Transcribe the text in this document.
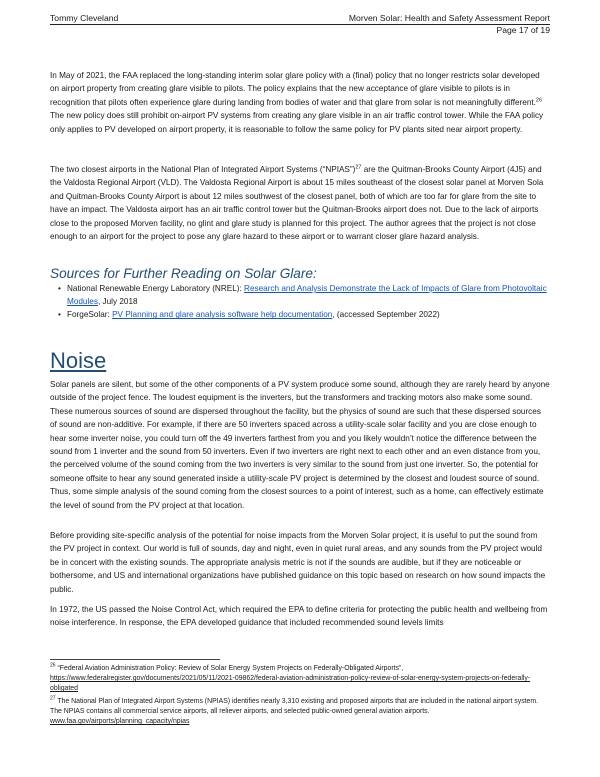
Tommy Cleveland	Morven Solar: Health and Safety Assessment Report
Page 17 of 19

In May of 2021, the FAA replaced the long-standing interim solar glare policy with a (final) policy that no longer restricts solar developed on airport property from creating glare visible to pilots. The policy explains that the new acceptance of glare visible to pilots is in recognition that pilots often experience glare during landing from bodies of water and that glare from solar is not meaningfully different.$^{26}$ The new policy does still prohibit on-airport PV systems from creating any glare visible in an air traffic control tower. While the FAA policy only applies to PV developed on airport property, it is reasonable to follow the same policy for PV plants sited near airport property.

The two closest airports in the National Plan of Integrated Airport Systems (“NPIAS”)$^{27}$ are the Quitman-Brooks County Airport (4J5) and the Valdosta Regional Airport (VLD). The Valdosta Regional Airport is about 15 miles southeast of the closest solar panel at Morven Sola and Quitman-Brooks County Airport is about 12 miles southwest of the closest panel, both of which are too far for glare from the site to have an impact. The Valdosta airport has an air traffic control tower but the Quitman-Brooks airport does not. Due to the lack of airports close to the proposed Morven facility, no glint and glare study is planned for this project. The author agrees that the project is not close enough to an airport for the project to pose any glare hazard to these airport or to warrant closer glare hazard analysis.

Sources for Further Reading on Solar Glare:
• National Renewable Energy Laboratory (NREL): Research and Analysis Demonstrate the Lack of Impacts of Glare from Photovoltaic Modules, July 2018
• ForgeSolar: PV Planning and glare analysis software help documentation, (accessed September 2022)
Noise

Solar panels are silent, but some of the other components of a PV system produce some sound, although they are rarely heard by anyone outside of the project fence. The loudest equipment is the inverters, but the transformers and tracking motors also make some sound. These numerous sources of sound are dispersed throughout the facility, but the physics of sound are such that these dispersed sources of sound are non-additive. For example, if there are 50 inverters spaced across a utility-scale solar facility and you are close enough to hear some inverter noise, you could turn off the 49 inverters farthest from you and you likely wouldn’t notice the difference between the sound from 1 inverter and the sound from 50 inverters. Even if two inverters are right next to each other and an even distance from you, the perceived volume of the sound coming from the two inverters is very similar to the sound from just one inverter. So, the potential for someone offsite to hear any sound generated inside a utility-scale PV project is determined by the closest and loudest source of sound. Thus, some simple analysis of the sound coming from the closest sources to a point of interest, such as a home, can effectively estimate the level of sound from the PV project at that location.

Before providing site-specific analysis of the potential for noise impacts from the Morven Solar project, it is useful to put the sound from the PV project in context. Our world is full of sounds, day and night, even in quiet rural areas, and any sounds from the PV project would be in concert with the existing sounds. The appropriate analysis metric is not if the sounds are audible, but if they are noticeable or bothersome, and US and international organizations have published guidance on this topic based on research on how sound impacts the public.

In 1972, the US passed the Noise Control Act, which required the EPA to define criteria for protecting the public health and wellbeing from noise interference. In response, the EPA developed guidance that included recommended sound levels limits

$^{26}$ “Federal Aviation Administration Policy: Review of Solar Energy System Projects on Federally-Obligated Airports”, https://www.federalregister.gov/documents/2021/05/11/2021-09862/federal-aviation-administration-policy-review-of-solar-energy-system-projects-on-federally-obligated

$^{27}$ The National Plan of Integrated Airport Systems (NPIAS) identifies nearly 3,310 existing and proposed airports that are included in the national airport system. The NPIAS contains all commercial service airports, all reliever airports, and selected public-owned general aviation airports. www.faa.gov/airports/planning_capacity/npias
